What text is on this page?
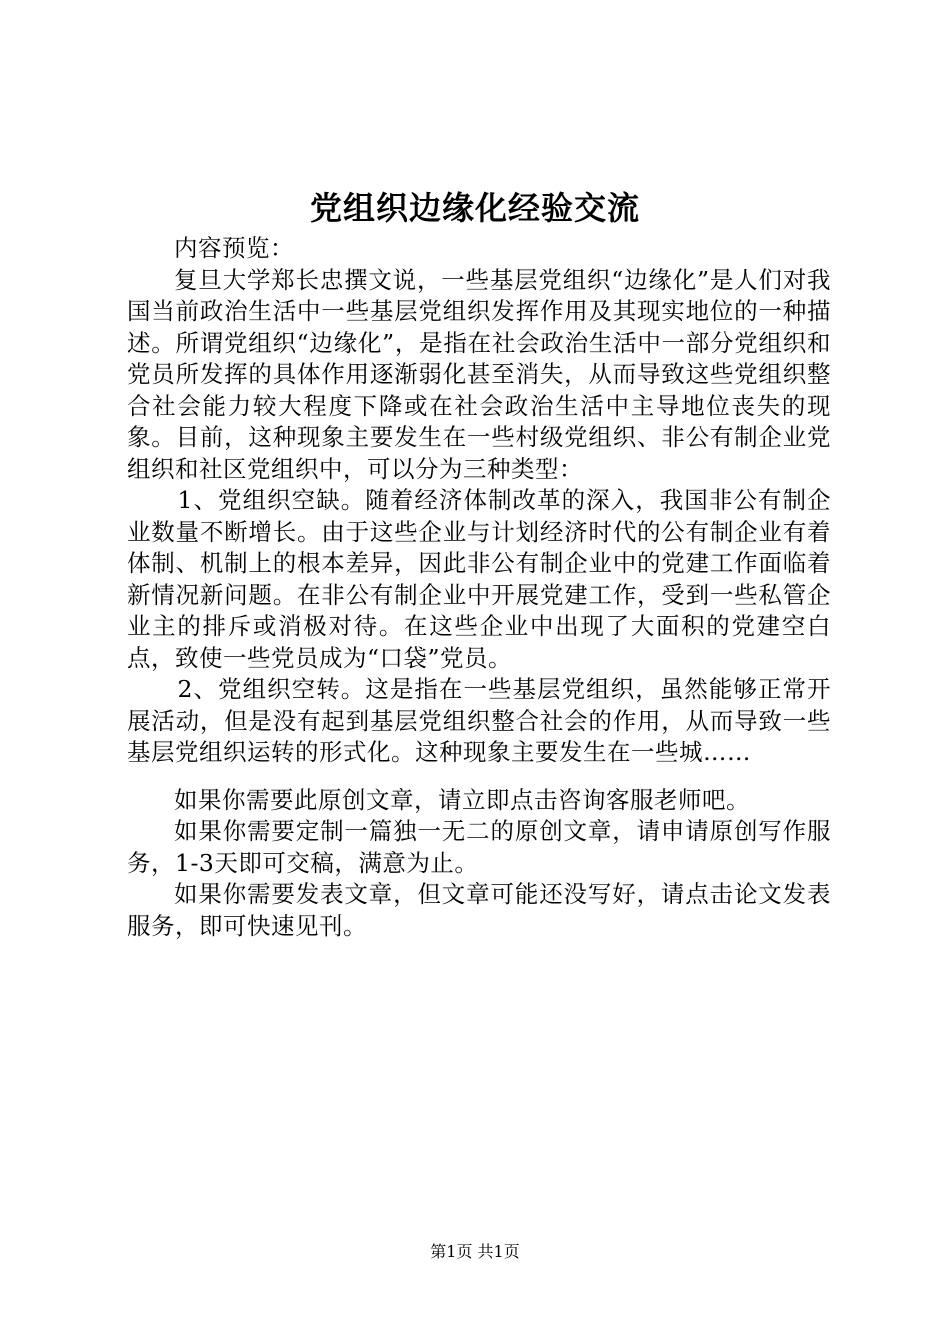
党组织边缘化经验交流

内容预览：

复旦大学郑长忠撰文说，一些基层党组织“边缘化”是人们对我国当前政治生活中一些基层党组织发挥作用及其现实地位的一种描述。所谓党组织“边缘化”，是指在社会政治生活中一部分党组织和党员所发挥的具体作用逐渐弱化甚至消失，从而导致这些党组织整合社会能力较大程度下降或在社会政治生活中主导地位丧失的现象。目前，这种现象主要发生在一些村级党组织、非公有制企业党组织和社区党组织中，可以分为三种类型：

1、党组织空缺。随着经济体制改革的深入，我国非公有制企业数量不断增长。由于这些企业与计划经济时代的公有制企业有着体制、机制上的根本差异，因此非公有制企业中的党建工作面临着新情况新问题。在非公有制企业中开展党建工作，受到一些私管企业主的排斥或消极对待。在这些企业中出现了大面积的党建空白点，致使一些党员成为“口袋”党员。

2、党组织空转。这是指在一些基层党组织，虽然能够正常开展活动，但是没有起到基层党组织整合社会的作用，从而导致一些基层党组织运转的形式化。这种现象主要发生在一些城……

如果你需要此原创文章，请立即点击咨询客服老师吧。

如果你需要定制一篇独一无二的原创文章，请申请原创写作服务，1-3天即可交稿，满意为止。

如果你需要发表文章，但文章可能还没写好，请点击论文发表服务，即可快速见刊。

第1页 共1页
